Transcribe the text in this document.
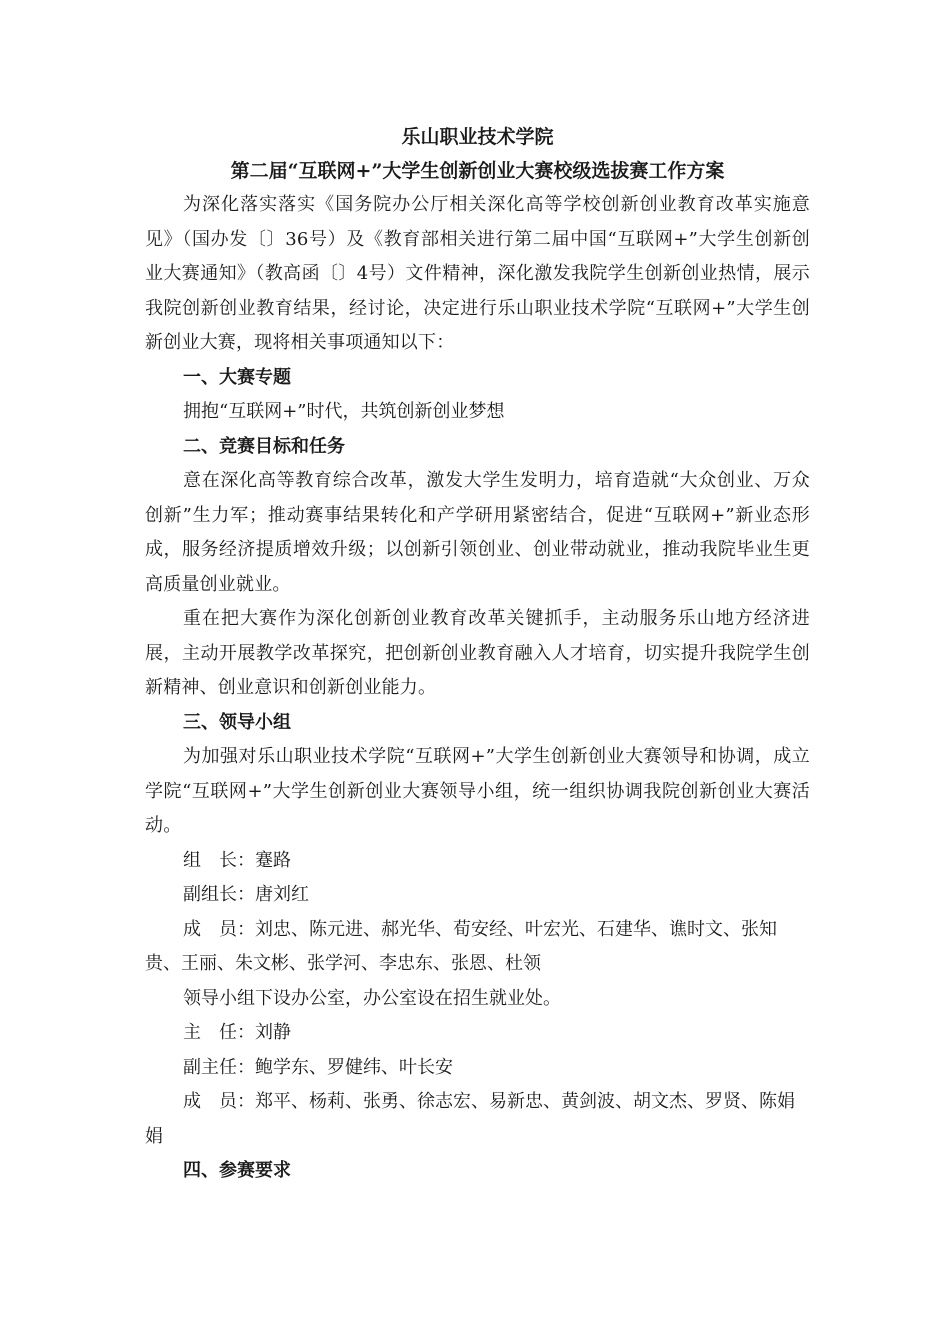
乐山职业技术学院

第二届“互联网+”大学生创新创业大赛校级选拔赛工作方案

为深化落实落实《国务院办公厅相关深化高等学校创新创业教育改革实施意见》（国办发〔〕36号）及《教育部相关进行第二届中国“互联网+”大学生创新创业大赛通知》（教高函〔〕4号）文件精神，深化激发我院学生创新创业热情，展示我院创新创业教育结果，经讨论，决定进行乐山职业技术学院“互联网+”大学生创新创业大赛，现将相关事项通知以下：

一、大赛专题

拥抱“互联网+”时代，共筑创新创业梦想

二、竞赛目标和任务

意在深化高等教育综合改革，激发大学生发明力，培育造就“大众创业、万众创新”生力军；推动赛事结果转化和产学研用紧密结合，促进“互联网+”新业态形成，服务经济提质增效升级；以创新引领创业、创业带动就业，推动我院毕业生更高质量创业就业。

重在把大赛作为深化创新创业教育改革关键抓手，主动服务乐山地方经济进展，主动开展教学改革探究，把创新创业教育融入人才培育，切实提升我院学生创新精神、创业意识和创新创业能力。

三、领导小组

为加强对乐山职业技术学院“互联网+”大学生创新创业大赛领导和协调，成立学院“互联网+”大学生创新创业大赛领导小组，统一组织协调我院创新创业大赛活动。

组　长：蹇路

副组长：唐刘红

成　员：刘忠、陈元进、郝光华、荀安经、叶宏光、石建华、谯时文、张知贵、王丽、朱文彬、张学河、李忠东、张恩、杜领

领导小组下设办公室，办公室设在招生就业处。

主　任：刘静

副主任：鲍学东、罗健纬、叶长安

成　员：郑平、杨莉、张勇、徐志宏、易新忠、黄剑波、胡文杰、罗贤、陈娟娟

四、参赛要求
